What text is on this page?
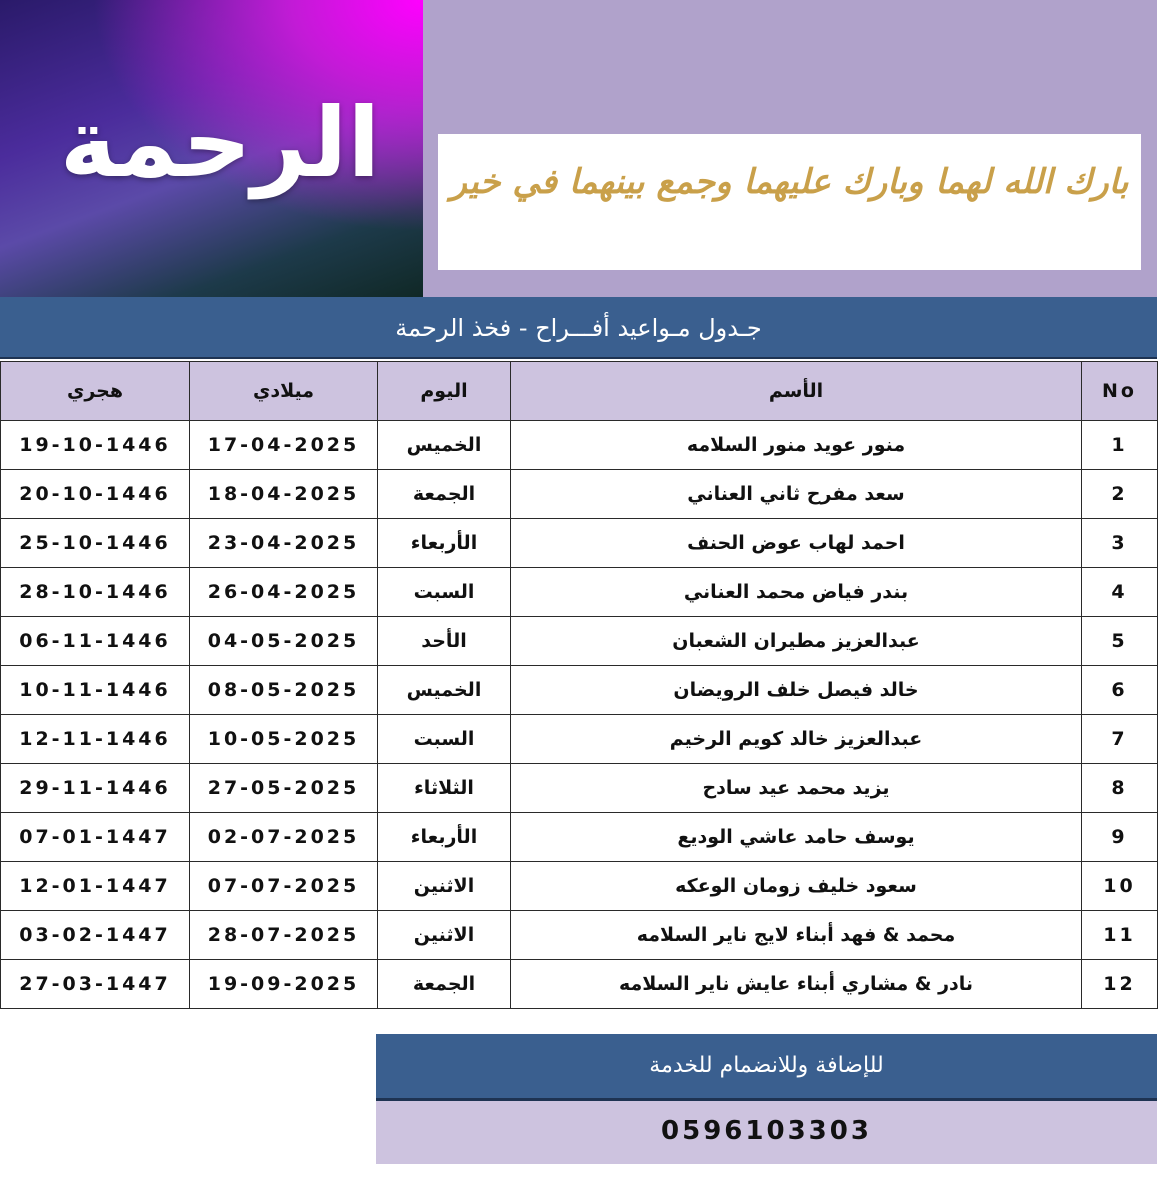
الرحمة	بارك الله لهما وبارك عليهما وجمع بينهما في خير
جـدول مـواعيد أفـــراح - فخذ الرحمة
هجري	ميلادي	اليوم	الأسم	No
19-10-1446	17-04-2025	الخميس	منور عويد منور السلامه	1
20-10-1446	18-04-2025	الجمعة	سعد مفرح ثاني العناني	2
25-10-1446	23-04-2025	الأربعاء	احمد لهاب عوض الحنف	3
28-10-1446	26-04-2025	السبت	بندر فياض محمد العناني	4
06-11-1446	04-05-2025	الأحد	عبدالعزيز مطيران الشعبان	5
10-11-1446	08-05-2025	الخميس	خالد فيصل خلف الرويضان	6
12-11-1446	10-05-2025	السبت	عبدالعزيز خالد كويم الرخيم	7
29-11-1446	27-05-2025	الثلاثاء	يزيد محمد عيد سادح	8
07-01-1447	02-07-2025	الأربعاء	يوسف حامد عاشي الوديع	9
12-01-1447	07-07-2025	الاثنين	سعود خليف زومان الوعكه	10
03-02-1447	28-07-2025	الاثنين	محمد & فهد أبناء لايج ناير السلامه	11
27-03-1447	19-09-2025	الجمعة	نادر & مشاري أبناء عايش ناير السلامه	12
للإضافة وللانضمام للخدمة
0596103303
